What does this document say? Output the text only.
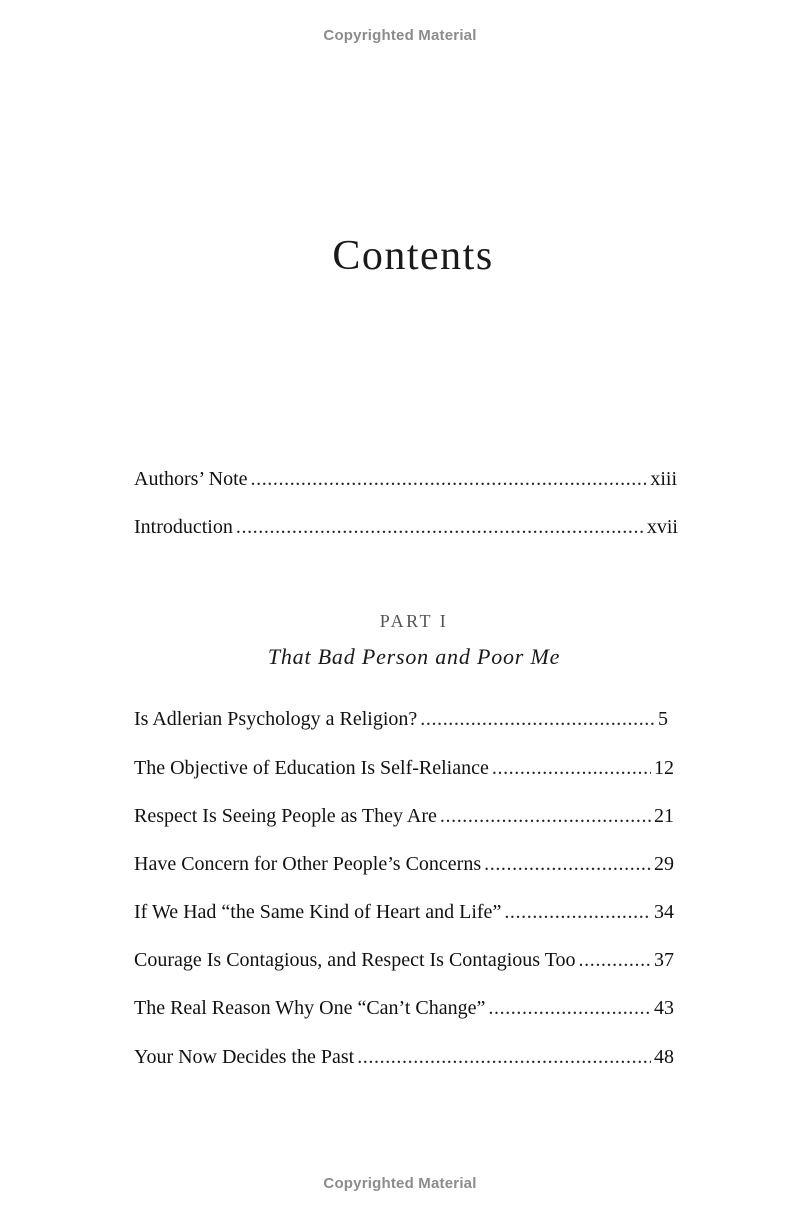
Copyrighted Material
Contents
Authors’ Note . . .	xiii
Introduction . . .	xvii
PART I
That Bad Person and Poor Me
Is Adlerian Psychology a Religion? . . .	5
The Objective of Education Is Self-Reliance . . .	12
Respect Is Seeing People as They Are . . .	21
Have Concern for Other People’s Concerns . . .	29
If We Had “the Same Kind of Heart and Life” . . .	34
Courage Is Contagious, and Respect Is Contagious Too . . .	37
The Real Reason Why One “Can’t Change” . . .	43
Your Now Decides the Past . . .	48
Copyrighted Material
